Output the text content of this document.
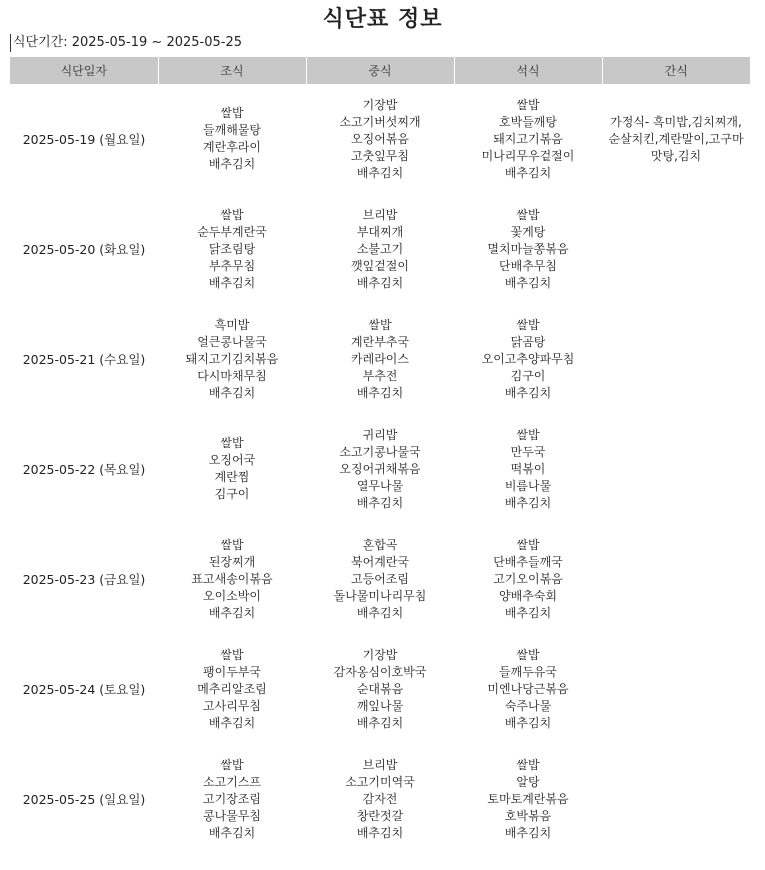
식단표 정보
식단기간: 2025-05-19 ~ 2025-05-25
식단일자	조식	중식	석식	간식
2025-05-19 (월요일)	쌀밥
들깨해물탕
계란후라이
배추김치	기장밥
소고기버섯찌개
오징어볶음
고춧잎무침
배추김치	쌀밥
호박들깨탕
돼지고기볶음
미나리무우겉절이
배추김치	가정식- 흑미밥,김치찌개,
순살치킨,계란말이,고구마
맛탕,김치

2025-05-20 (화요일)	쌀밥
순두부계란국
닭조림탕
부추무침
배추김치	브리밥
부대찌개
소불고기
깻잎겉절이
배추김치	쌀밥
꽃게탕
멸치마늘쫑볶음
단배추무침
배추김치	

2025-05-21 (수요일)	흑미밥
얼큰콩나물국
돼지고기김치볶음
다시마채무침
배추김치	쌀밥
계란부추국
카레라이스
부추전
배추김치	쌀밥
닭곰탕
오이고추양파무침
김구이
배추김치	

2025-05-22 (목요일)	쌀밥
오징어국
계란찜
김구이	귀리밥
소고기콩나물국
오징어귀채볶음
열무나물
배추김치	쌀밥
만두국
떡볶이
비름나물
배추김치	

2025-05-23 (금요일)	쌀밥
된장찌개
표고새송이볶음
오이소박이
배추김치	혼합곡
북어계란국
고등어조림
돌나물미나리무침
배추김치	쌀밥
단배추들깨국
고기오이볶음
양배추숙회
배추김치	

2025-05-24 (토요일)	쌀밥
팽이두부국
메추리알조림
고사리무침
배추김치	기장밥
감자옹심이호박국
순대볶음
깨잎나물
배추김치	쌀밥
들깨두유국
미엔나당근볶음
숙주나물
배추김치	

2025-05-25 (일요일)	쌀밥
소고기스프
고기장조림
콩나물무침
배추김치	브리밥
소고기미역국
감자전
창란젓갈
배추김치	쌀밥
알탕
토마토계란볶음
호박볶음
배추김치	
